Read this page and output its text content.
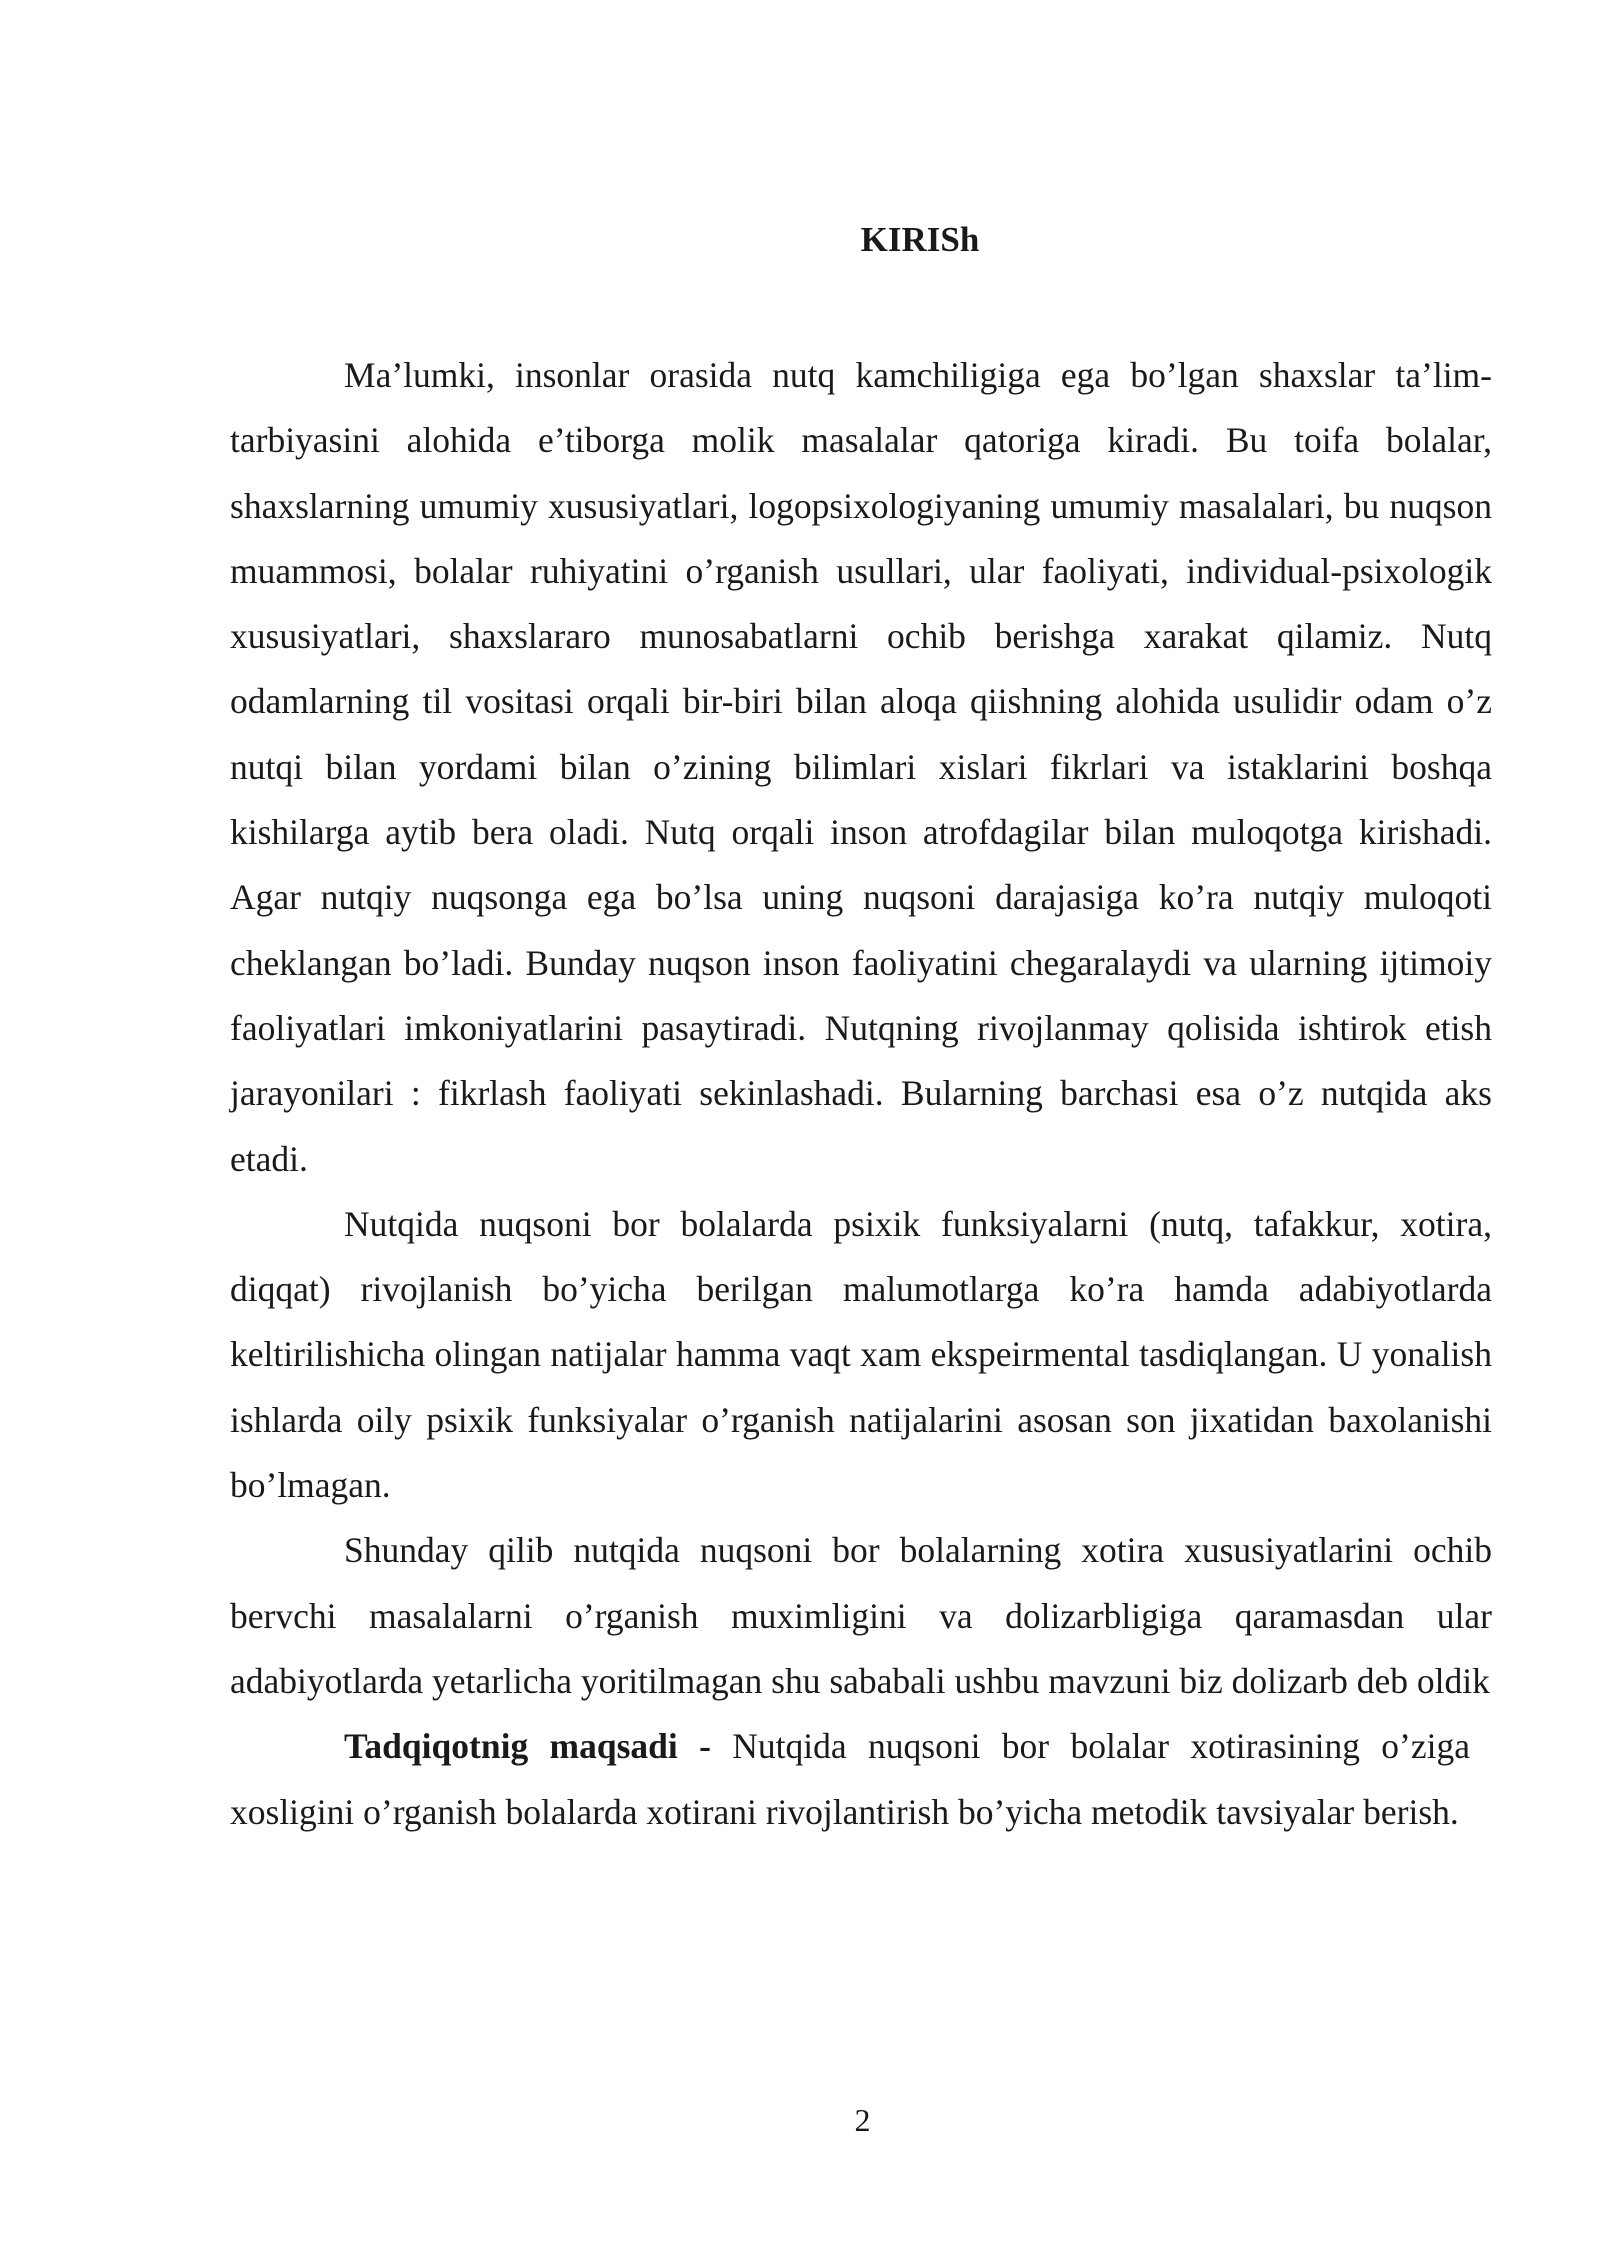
KIRISh

Ma’lumki, insonlar orasida nutq kamchiligiga ega bo’lgan shaxslar ta’lim-tarbiyasini alohida e’tiborga molik masalalar qatoriga kiradi. Bu toifa bolalar, shaxslarning umumiy xususiyatlari, logopsixologiyaning umumiy masalalari, bu nuqson muammosi, bolalar ruhiyatini o’rganish usullari, ular faoliyati, individual-psixologik xususiyatlari, shaxslararo munosabatlarni ochib berishga xarakat qilamiz. Nutq odamlarning til vositasi orqali bir-biri bilan aloqa qiishning alohida usulidir odam o’z nutqi bilan yordami bilan o’zining bilimlari xislari fikrlari va istaklarini boshqa kishilarga aytib bera oladi. Nutq orqali inson atrofdagilar bilan muloqotga kirishadi. Agar nutqiy nuqsonga ega bo’lsa uning nuqsoni darajasiga ko’ra nutqiy muloqoti cheklangan bo’ladi. Bunday nuqson inson faoliyatini chegaralaydi va ularning ijtimoiy faoliyatlari imkoniyatlarini pasaytiradi. Nutqning rivojlanmay qolisida ishtirok etish jarayonilari : fikrlash faoliyati sekinlashadi. Bularning barchasi esa o’z nutqida aks etadi.

Nutqida nuqsoni bor bolalarda psixik funksiyalarni (nutq, tafakkur, xotira, diqqat) rivojlanish bo’yicha berilgan malumotlarga ko’ra hamda adabiyotlarda keltirilishicha olingan natijalar hamma vaqt xam ekspeirmental tasdiqlangan. U yonalish ishlarda oily psixik funksiyalar o’rganish natijalarini asosan son jixatidan baxolanishi bo’lmagan.

Shunday qilib nutqida nuqsoni bor bolalarning xotira xususiyatlarini ochib bervchi masalalarni o’rganish muximligini va dolizarbligiga qaramasdan ular adabiyotlarda yetarlicha yoritilmagan shu sababali ushbu mavzuni biz dolizarb deb oldik

Tadqiqotnig maqsadi - Nutqida nuqsoni bor bolalar xotirasining o’ziga xosligini o’rganish bolalarda xotirani rivojlantirish bo’yicha metodik tavsiyalar berish.

2
